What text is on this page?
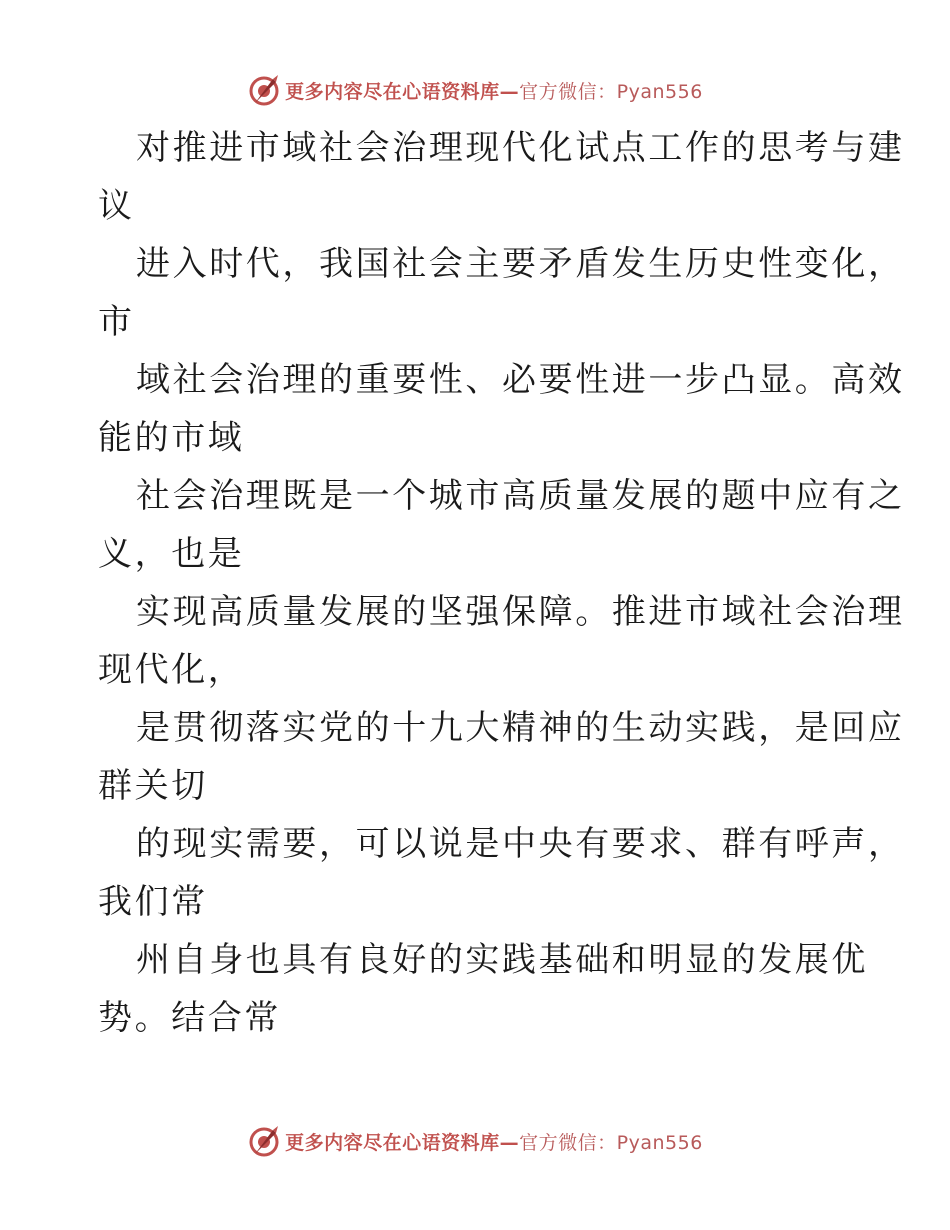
更多内容尽在心语资料库—官方微信：Pyan556
对推进市域社会治理现代化试点工作的思考与建
议
进入时代，我国社会主要矛盾发生历史性变化，
市
域社会治理的重要性、必要性进一步凸显。高效
能的市域
社会治理既是一个城市高质量发展的题中应有之
义，也是
实现高质量发展的坚强保障。推进市域社会治理
现代化，
是贯彻落实党的十九大精神的生动实践，是回应
群关切
的现实需要，可以说是中央有要求、群有呼声，
我们常
州自身也具有良好的实践基础和明显的发展优
势。结合常
更多内容尽在心语资料库—官方微信：Pyan556
